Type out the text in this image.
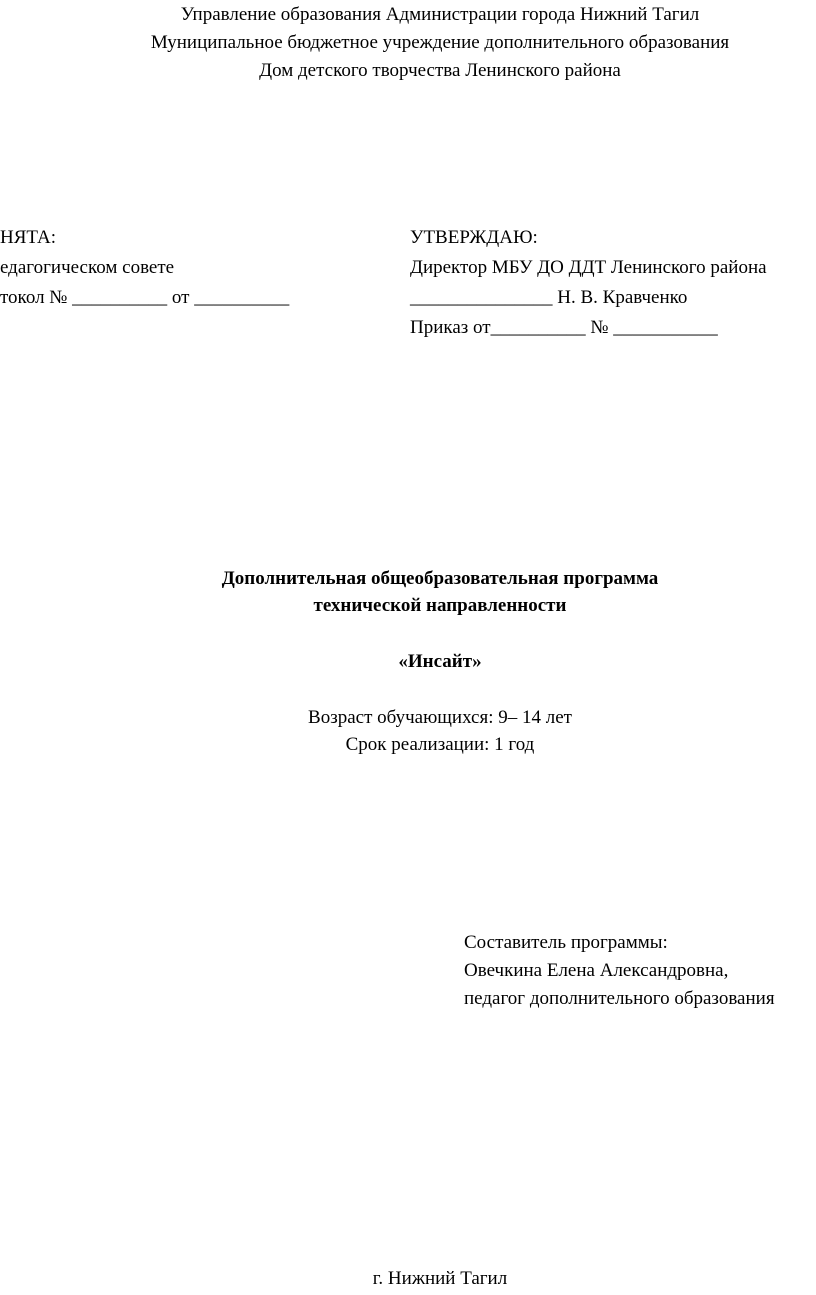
Управление образования Администрации города Нижний Тагил
Муниципальное бюджетное учреждение дополнительного образования
Дом детского творчества Ленинского района
НЯТА:
едагогическом совете
токол № __________ от __________
УТВЕРЖДАЮ:
Директор МБУ ДО ДДТ Ленинского района
_______________ Н. В. Кравченко
Приказ от__________ № ___________
Дополнительная общеобразовательная программа
технической направленности
«Инсайт»
Возраст обучающихся: 9– 14 лет
Срок реализации: 1 год
Составитель программы:
Овечкина Елена Александровна,
педагог дополнительного образования
г. Нижний Тагил
